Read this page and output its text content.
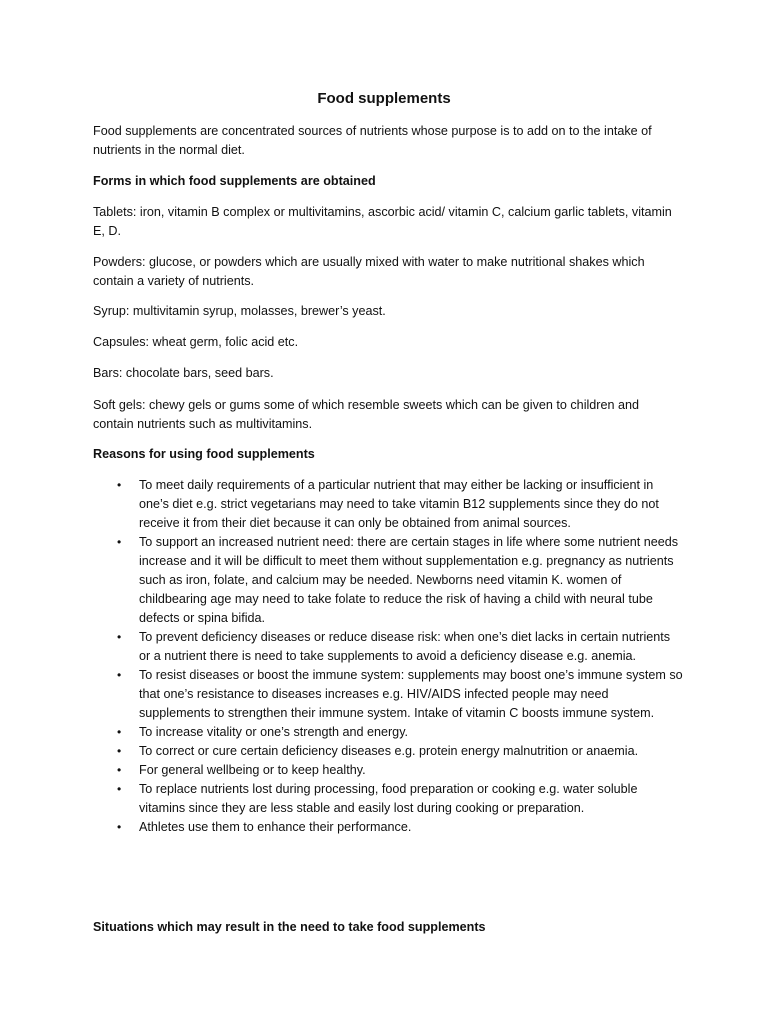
Food supplements
Food supplements are concentrated sources of nutrients whose purpose is to add on to the intake of nutrients in the normal diet.
Forms in which food supplements are obtained
Tablets: iron, vitamin B complex or multivitamins, ascorbic acid/ vitamin C, calcium garlic tablets, vitamin E, D.
Powders: glucose, or powders which are usually mixed with water to make nutritional shakes which contain a variety of nutrients.
Syrup: multivitamin syrup, molasses, brewer’s yeast.
Capsules: wheat germ, folic acid etc.
Bars: chocolate bars, seed bars.
Soft gels: chewy gels or gums some of which resemble sweets which can be given to children and contain nutrients such as multivitamins.
Reasons for using food supplements
• To meet daily requirements of a particular nutrient that may either be lacking or insufficient in one’s diet e.g. strict vegetarians may need to take vitamin B12 supplements since they do not receive it from their diet because it can only be obtained from animal sources.
• To support an increased nutrient need: there are certain stages in life where some nutrient needs increase and it will be difficult to meet them without supplementation e.g. pregnancy as nutrients such as iron, folate, and calcium may be needed. Newborns need vitamin K. women of childbearing age may need to take folate to reduce the risk of having a child with neural tube defects or spina bifida.
• To prevent deficiency diseases or reduce disease risk: when one’s diet lacks in certain nutrients or a nutrient there is need to take supplements to avoid a deficiency disease e.g. anemia.
• To resist diseases or boost the immune system: supplements may boost one’s immune system so that one’s resistance to diseases increases e.g. HIV/AIDS infected people may need supplements to strengthen their immune system. Intake of vitamin C boosts immune system.
• To increase vitality or one’s strength and energy.
• To correct or cure certain deficiency diseases e.g. protein energy malnutrition or anaemia.
• For general wellbeing or to keep healthy.
• To replace nutrients lost during processing, food preparation or cooking e.g. water soluble vitamins since they are less stable and easily lost during cooking or preparation.
• Athletes use them to enhance their performance.
Situations which may result in the need to take food supplements
